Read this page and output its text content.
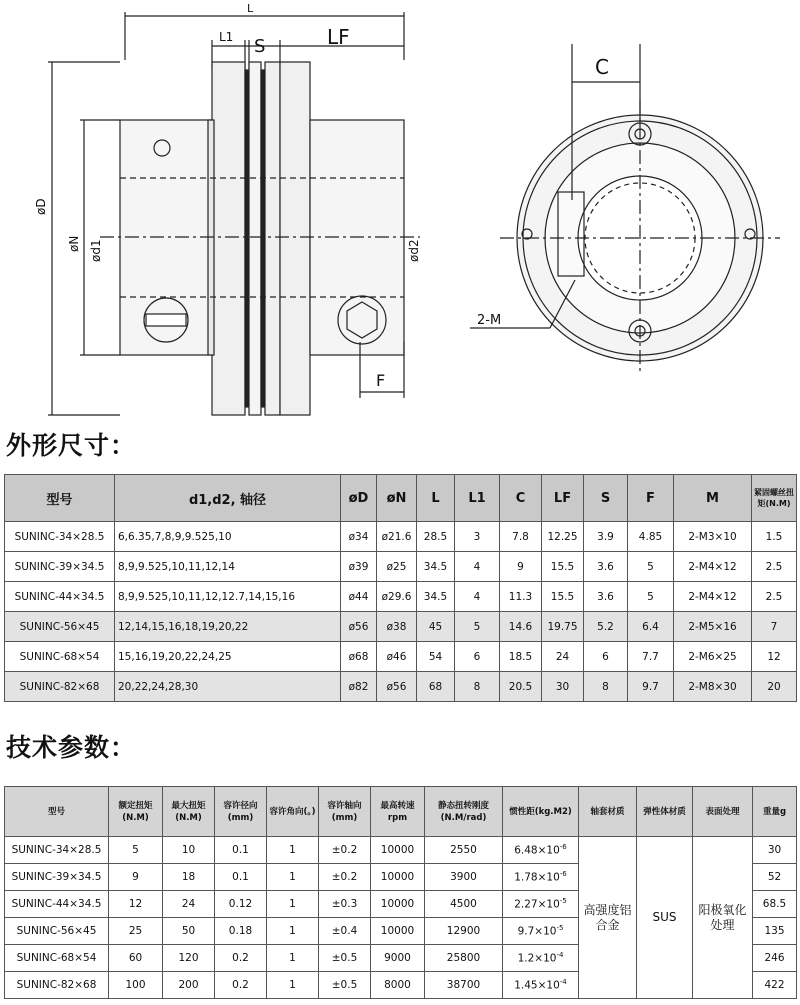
L
L1 S	LF
øD
øN ød1	ød2
F
C
2-M
外形尺寸：
型号	d1,d2, 轴径	øD	øN	L	L1	C	LF	S	F	M	紧固螺丝扭矩(N.M)
SUNINC-34×28.5	6,6.35,7,8,9,9.525,10	ø34	ø21.6	28.5	3	7.8	12.25	3.9	4.85	2-M3×10	1.5
SUNINC-39×34.5	8,9,9.525,10,11,12,14	ø39	ø25	34.5	4	9	15.5	3.6	5	2-M4×12	2.5
SUNINC-44×34.5	8,9,9.525,10,11,12,12.7,14,15,16	ø44	ø29.6	34.5	4	11.3	15.5	3.6	5	2-M4×12	2.5
SUNINC-56×45	12,14,15,16,18,19,20,22	ø56	ø38	45	5	14.6	19.75	5.2	6.4	2-M5×16	7
SUNINC-68×54	15,16,19,20,22,24,25	ø68	ø46	54	6	18.5	24	6	7.7	2-M6×25	12
SUNINC-82×68	20,22,24,28,30	ø82	ø56	68	8	20.5	30	8	9.7	2-M8×30	20
技术参数：
型号	额定扭矩(N.M)	最大扭矩(N.M)	容许径向(mm)	容许角向(。)	容许轴向(mm)	最高转速rpm	静态扭转刚度(N.M/rad)	惯性距(kg.M2)	轴套材质	弹性体材质	表面处理	重量g
SUNINC-34×28.5	5	10	0.1	1	±0.2	10000	2550	$6.48\times 10^{-6}$	高强度铝合金	SUS	阳极氧化处理	30
SUNINC-39×34.5	9	18	0.1	1	±0.2	10000	3900	$1.78\times 10^{-6}$				52
SUNINC-44×34.5	12	24	0.12	1	±0.3	10000	4500	$2.27\times 10^{-5}$				68.5
SUNINC-56×45	25	50	0.18	1	±0.4	10000	12900	$9.7\times 10^{-5}$				135
SUNINC-68×54	60	120	0.2	1	±0.5	9000	25800	$1.2\times 10^{-4}$				246
SUNINC-82×68	100	200	0.2	1	±0.5	8000	38700	$1.45\times 10^{-4}$				422
